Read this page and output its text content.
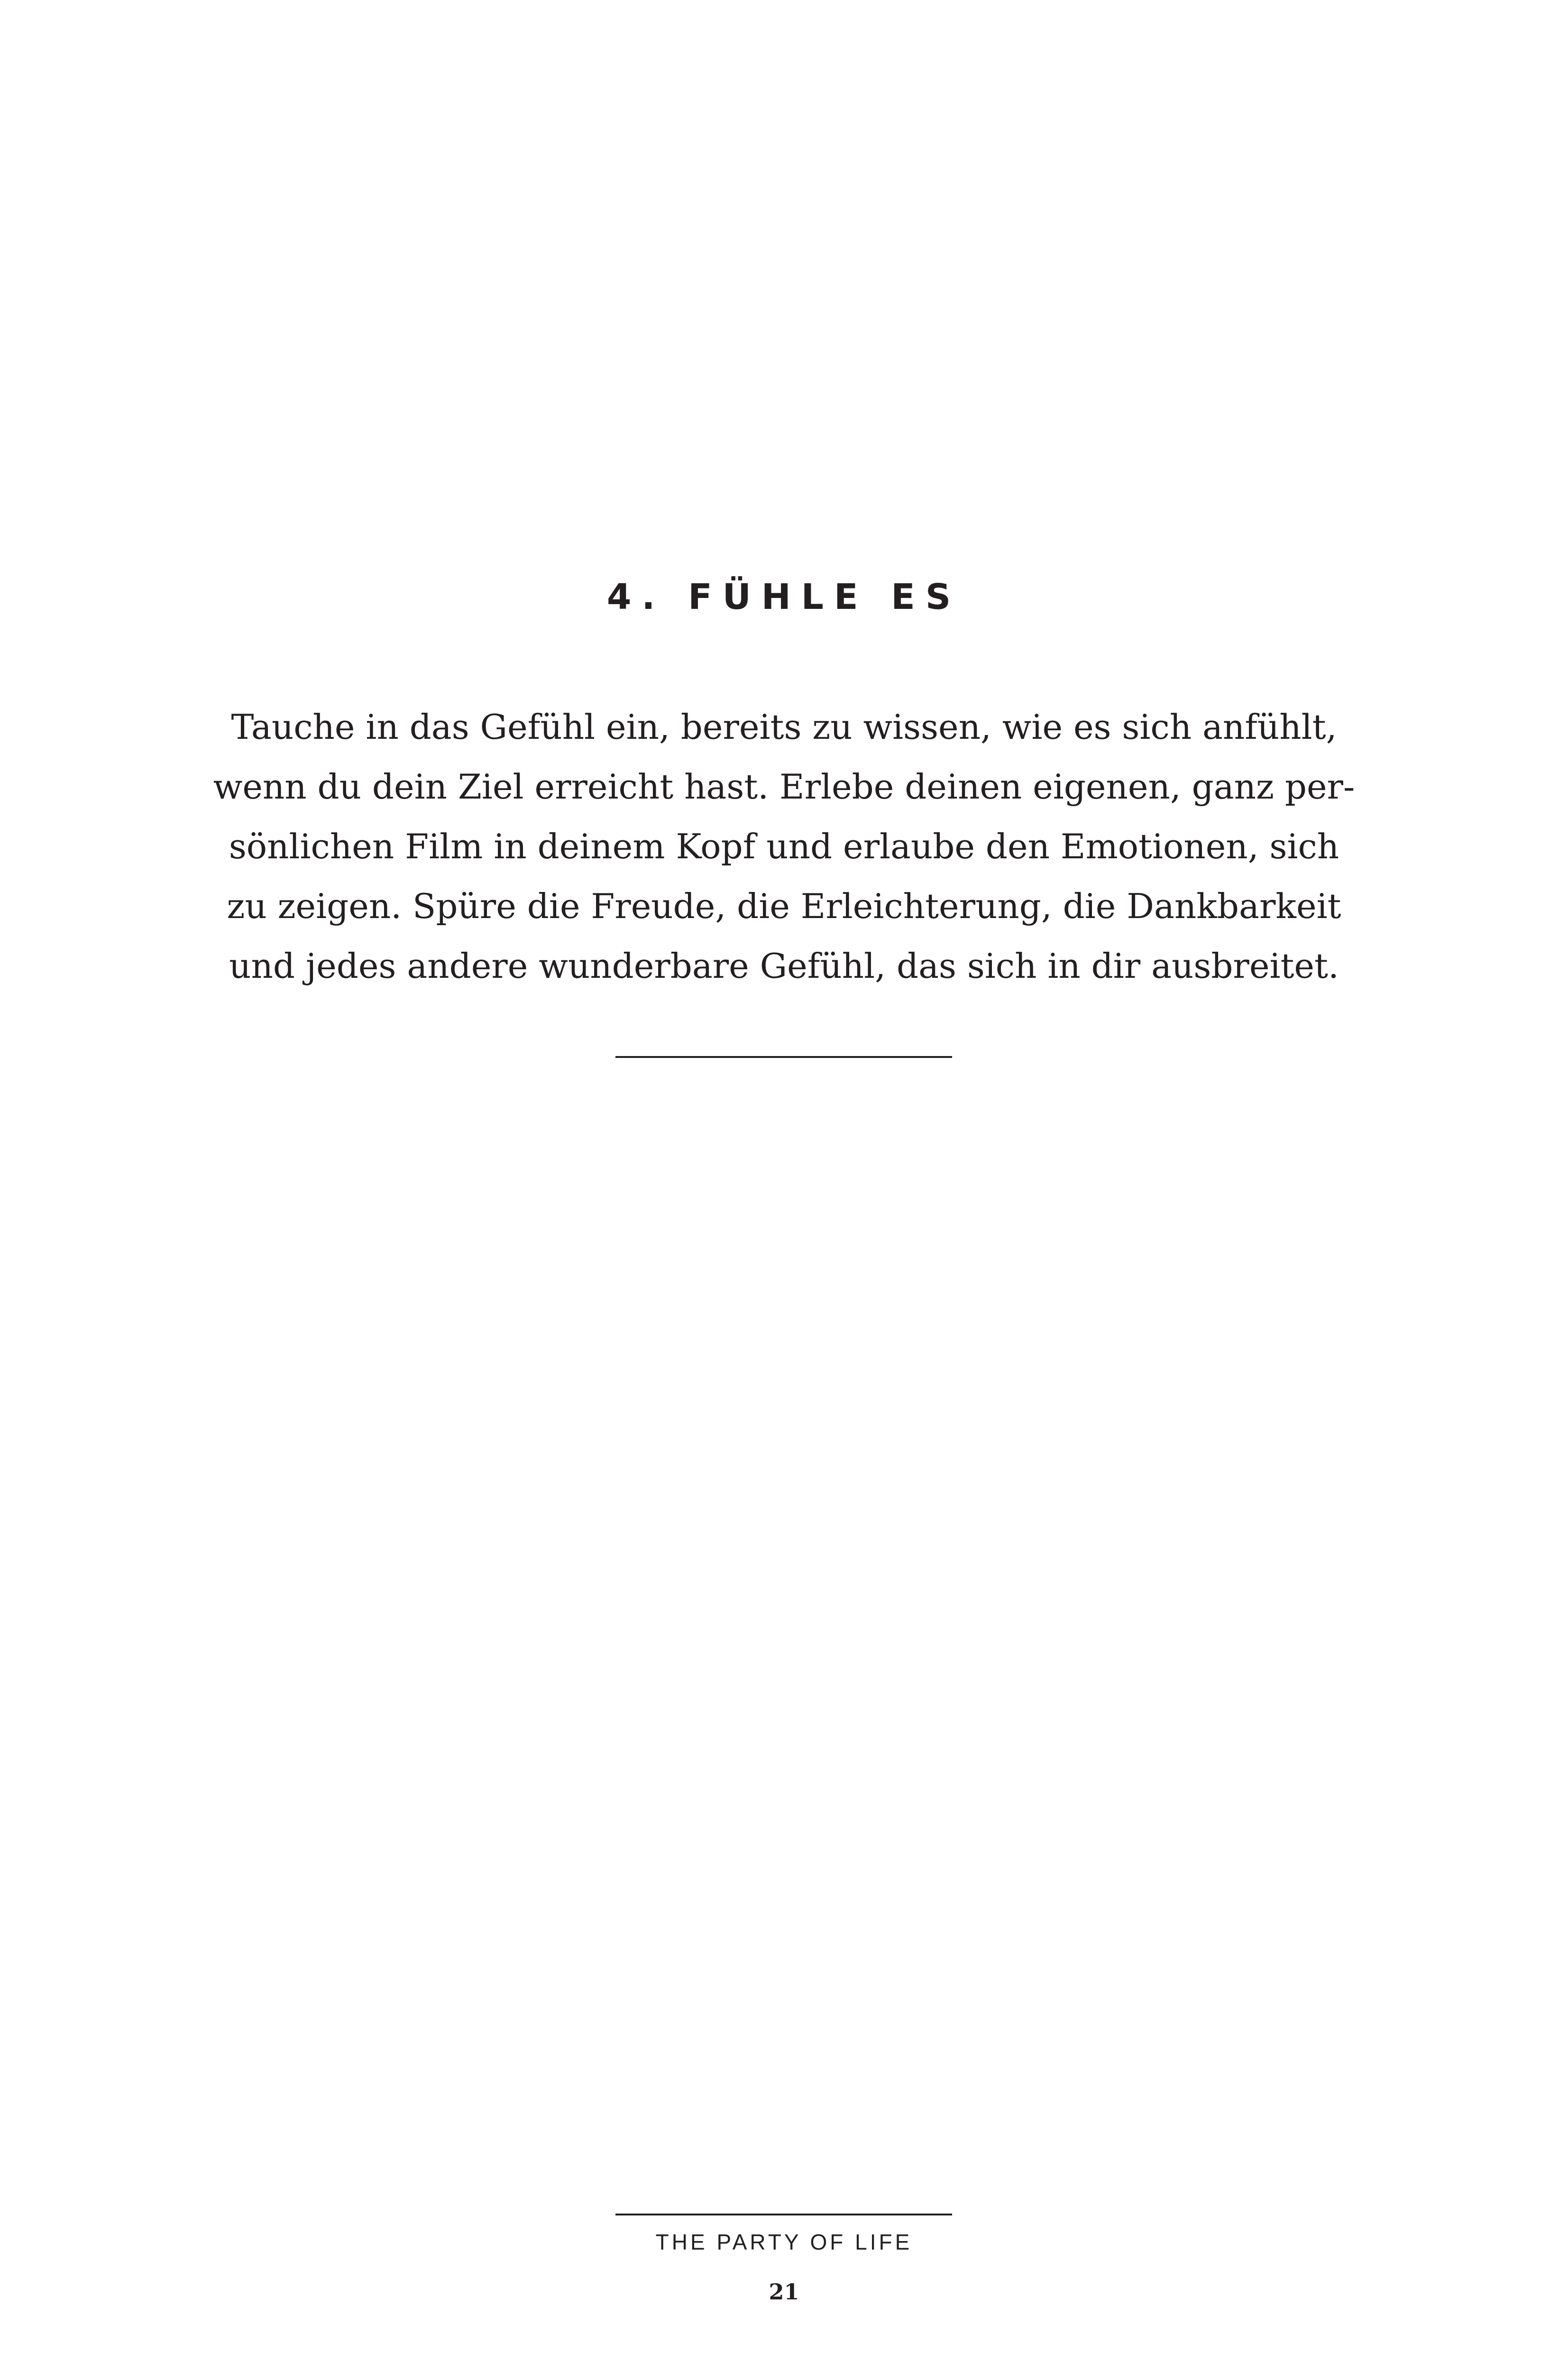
4. FÜHLE ES

Tauche in das Gefühl ein, bereits zu wissen, wie es sich anfühlt,
wenn du dein Ziel erreicht hast. Erlebe deinen eigenen, ganz per-
sönlichen Film in deinem Kopf und erlaube den Emotionen, sich
zu zeigen. Spüre die Freude, die Erleichterung, die Dankbarkeit
und jedes andere wunderbare Gefühl, das sich in dir ausbreitet.

THE PARTY OF LIFE
21
